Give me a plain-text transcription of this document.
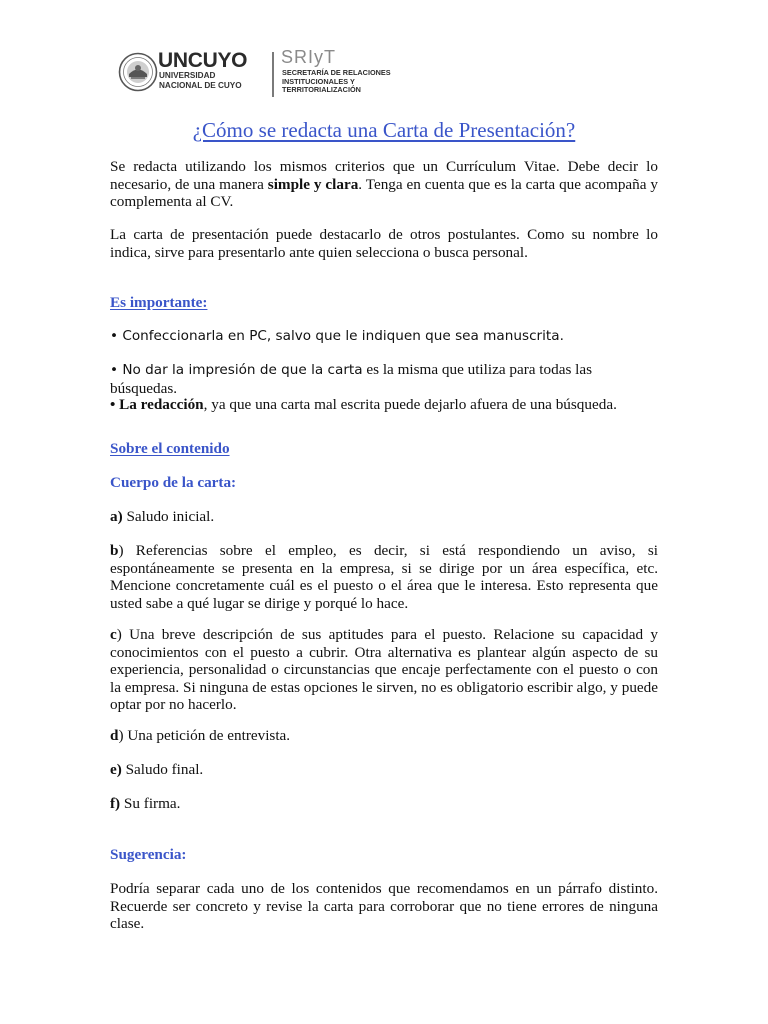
UNCUYO
UNIVERSIDAD
NACIONAL DE CUYO
SRIyT
SECRETARÍA DE RELACIONES
INSTITUCIONALES Y
TERRITORIALIZACIÓN
¿Cómo se redacta una Carta de Presentación?
Se redacta utilizando los mismos criterios que un Currículum Vitae. Debe decir lo necesario, de una manera simple y clara. Tenga en cuenta que es la carta que acompaña y complementa al CV.
La carta de presentación puede destacarlo de otros postulantes. Como su nombre lo indica, sirve para presentarlo ante quien selecciona o busca personal.
Es importante:
• Confeccionarla en PC, salvo que le indiquen que sea manuscrita.
• No dar la impresión de que la carta es la misma que utiliza para todas las búsquedas.
• La redacción, ya que una carta mal escrita puede dejarlo afuera de una búsqueda.
Sobre el contenido
Cuerpo de la carta:
a) Saludo inicial.
b) Referencias sobre el empleo, es decir, si está respondiendo un aviso, si espontáneamente se presenta en la empresa, si se dirige por un área específica, etc. Mencione concretamente cuál es el puesto o el área que le interesa. Esto representa que usted sabe a qué lugar se dirige y porqué lo hace.
c) Una breve descripción de sus aptitudes para el puesto. Relacione su capacidad y conocimientos con el puesto a cubrir. Otra alternativa es plantear algún aspecto de su experiencia, personalidad o circunstancias que encaje perfectamente con el puesto o con la empresa. Si ninguna de estas opciones le sirven, no es obligatorio escribir algo, y puede optar por no hacerlo.
d) Una petición de entrevista.
e) Saludo final.
f) Su firma.
Sugerencia:
Podría separar cada uno de los contenidos que recomendamos en un párrafo distinto. Recuerde ser concreto y revise la carta para corroborar que no tiene errores de ninguna clase.
